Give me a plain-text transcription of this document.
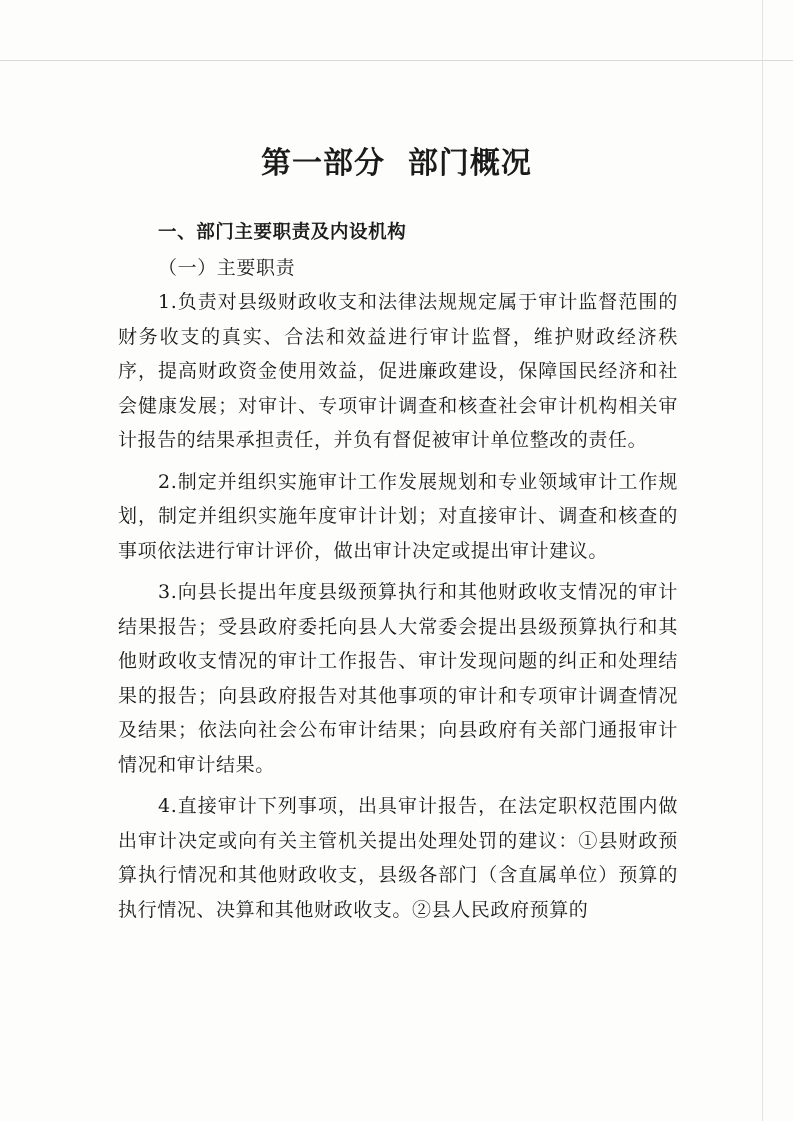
第一部分  部门概况

一、部门主要职责及内设机构

（一）主要职责

1.负责对县级财政收支和法律法规规定属于审计监督范围的财务收支的真实、合法和效益进行审计监督，维护财政经济秩序，提高财政资金使用效益，促进廉政建设，保障国民经济和社会健康发展；对审计、专项审计调查和核查社会审计机构相关审计报告的结果承担责任，并负有督促被审计单位整改的责任。

2.制定并组织实施审计工作发展规划和专业领域审计工作规划，制定并组织实施年度审计计划；对直接审计、调查和核查的事项依法进行审计评价，做出审计决定或提出审计建议。

3.向县长提出年度县级预算执行和其他财政收支情况的审计结果报告；受县政府委托向县人大常委会提出县级预算执行和其他财政收支情况的审计工作报告、审计发现问题的纠正和处理结果的报告；向县政府报告对其他事项的审计和专项审计调查情况及结果；依法向社会公布审计结果；向县政府有关部门通报审计情况和审计结果。

4.直接审计下列事项，出具审计报告，在法定职权范围内做出审计决定或向有关主管机关提出处理处罚的建议：①县财政预算执行情况和其他财政收支，县级各部门（含直属单位）预算的执行情况、决算和其他财政收支。②县人民政府预算的
